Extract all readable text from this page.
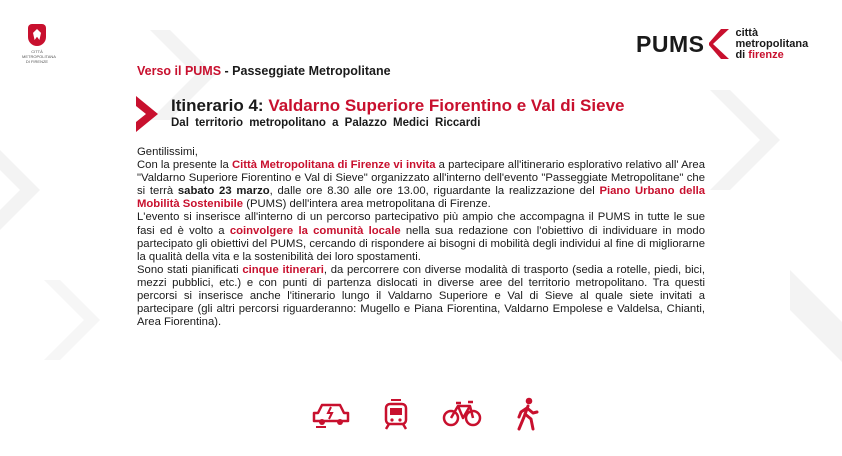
CITTÀ METROPOLITANA DI FIRENZE
PUMS	città
metropolitana
di firenze
Verso il PUMS - Passeggiate Metropolitane
Itinerario 4: Valdarno Superiore Fiorentino e Val di Sieve
Dal territorio metropolitano a Palazzo Medici Riccardi

Gentilissimi,

Con la presente la Città Metropolitana di Firenze vi invita a partecipare all'itinerario esplorativo relativo all' Area "Valdarno Superiore Fiorentino e Val di Sieve" organizzato all'interno dell'evento "Passeggiate Metropolitane" che si terrà sabato 23 marzo, dalle ore 8.30 alle ore 13.00, riguardante la realizzazione del Piano Urbano della Mobilità Sostenibile (PUMS) dell'intera area metropolitana di Firenze.

L'evento si inserisce all'interno di un percorso partecipativo più ampio che accompagna il PUMS in tutte le sue fasi ed è volto a coinvolgere la comunità locale nella sua redazione con l'obiettivo di individuare in modo partecipato gli obiettivi del PUMS, cercando di rispondere ai bisogni di mobilità degli individui al fine di migliorarne la qualità della vita e la sostenibilità dei loro spostamenti.

Sono stati pianificati cinque itinerari, da percorrere con diverse modalità di trasporto (sedia a rotelle, piedi, bici, mezzi pubblici, etc.) e con punti di partenza dislocati in diverse aree del territorio metropolitano. Tra questi percorsi si inserisce anche l'itinerario lungo il Valdarno Superiore e Val di Sieve al quale siete invitati a partecipare (gli altri percorsi riguarderanno: Mugello e Piana Fiorentina, Valdarno Empolese e Valdelsa, Chianti, Area Fiorentina).
